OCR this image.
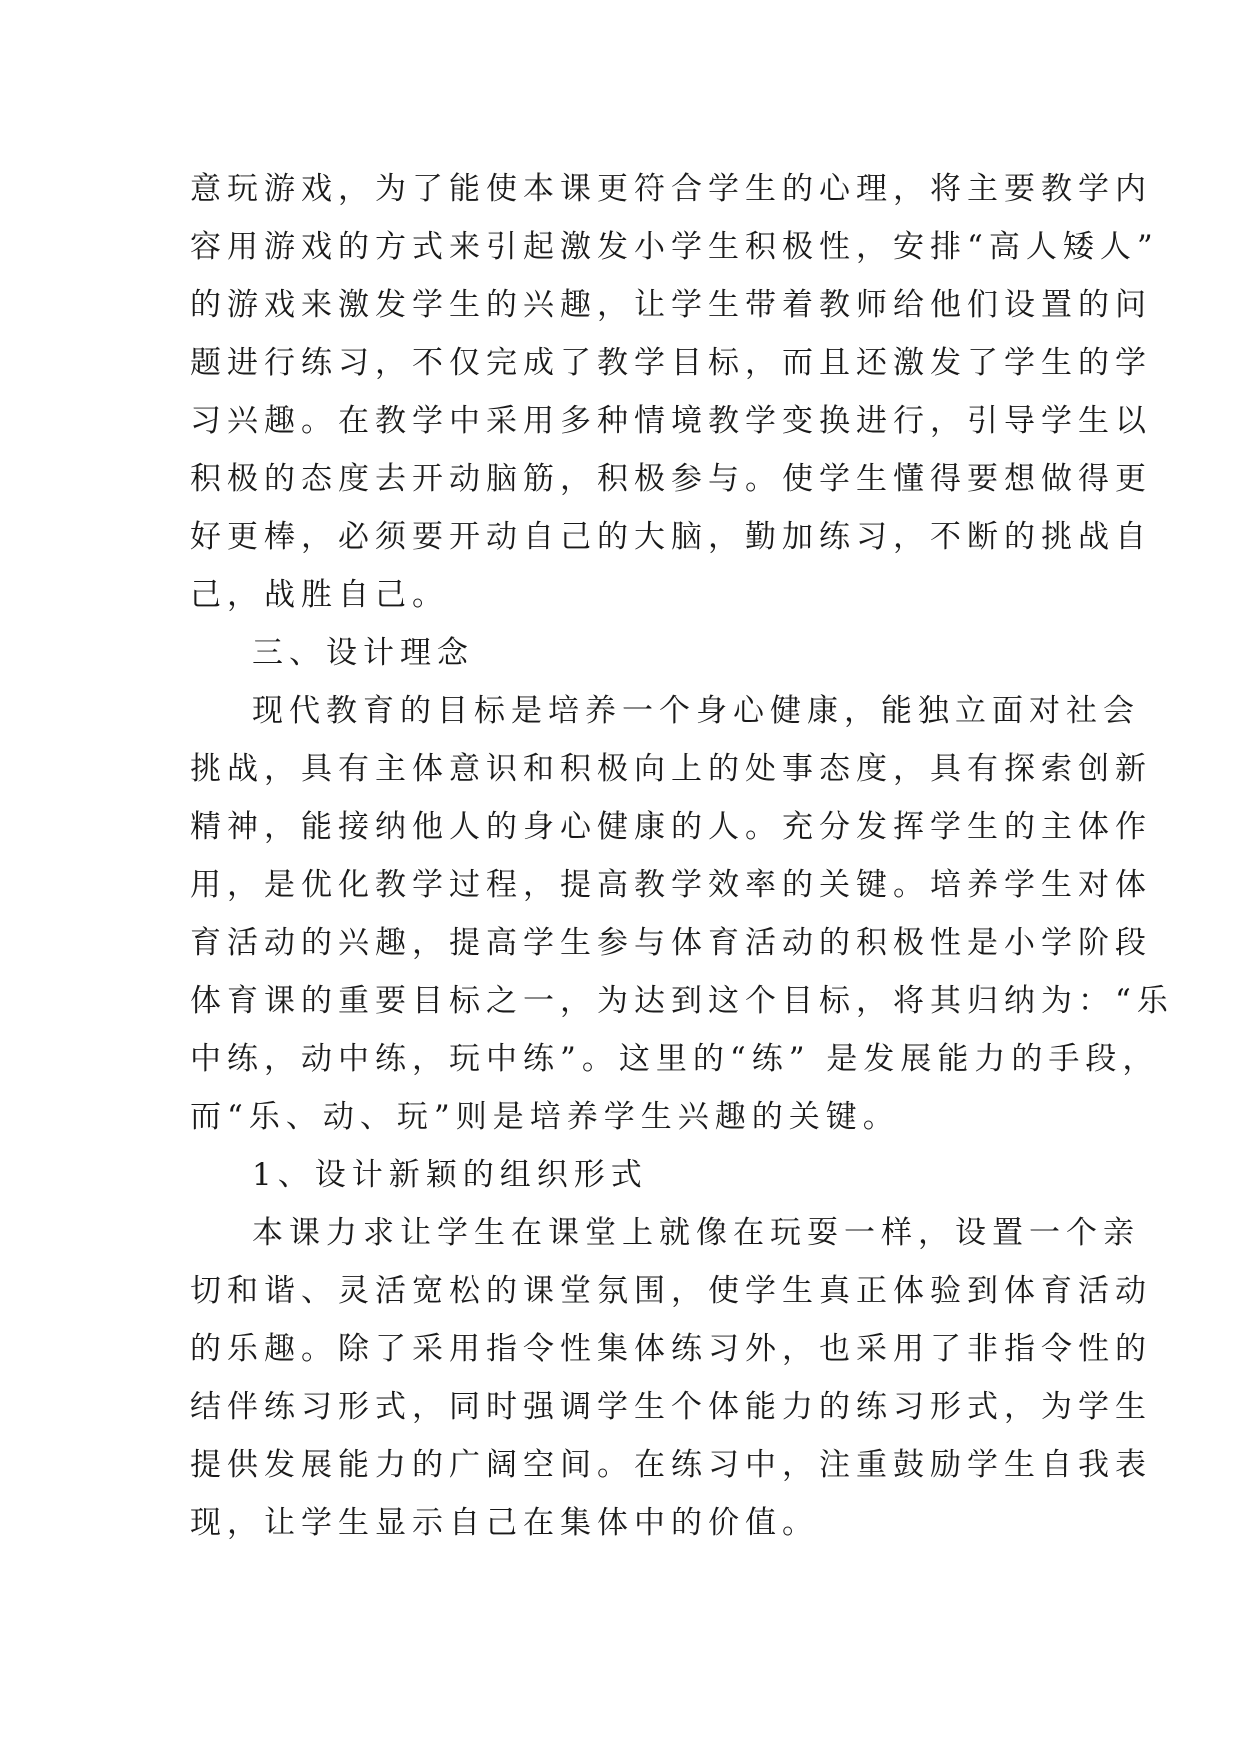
意玩游戏，为了能使本课更符合学生的心理，将主要教学内
容用游戏的方式来引起激发小学生积极性，安排“高人矮人”
的游戏来激发学生的兴趣，让学生带着教师给他们设置的问
题进行练习，不仅完成了教学目标，而且还激发了学生的学
习兴趣。在教学中采用多种情境教学变换进行，引导学生以
积极的态度去开动脑筋，积极参与。使学生懂得要想做得更
好更棒，必须要开动自己的大脑，勤加练习，不断的挑战自
己，战胜自己。
三、设计理念
现代教育的目标是培养一个身心健康，能独立面对社会
挑战，具有主体意识和积极向上的处事态度，具有探索创新
精神，能接纳他人的身心健康的人。充分发挥学生的主体作
用，是优化教学过程，提高教学效率的关键。培养学生对体
育活动的兴趣，提高学生参与体育活动的积极性是小学阶段
体育课的重要目标之一，为达到这个目标，将其归纳为：“乐
中练，动中练，玩中练”。这里的“练” 是发展能力的手段，
而“乐、动、玩”则是培养学生兴趣的关键。
1、设计新颖的组织形式
本课力求让学生在课堂上就像在玩耍一样，设置一个亲
切和谐、灵活宽松的课堂氛围，使学生真正体验到体育活动
的乐趣。除了采用指令性集体练习外，也采用了非指令性的
结伴练习形式，同时强调学生个体能力的练习形式，为学生
提供发展能力的广阔空间。在练习中，注重鼓励学生自我表
现，让学生显示自己在集体中的价值。
